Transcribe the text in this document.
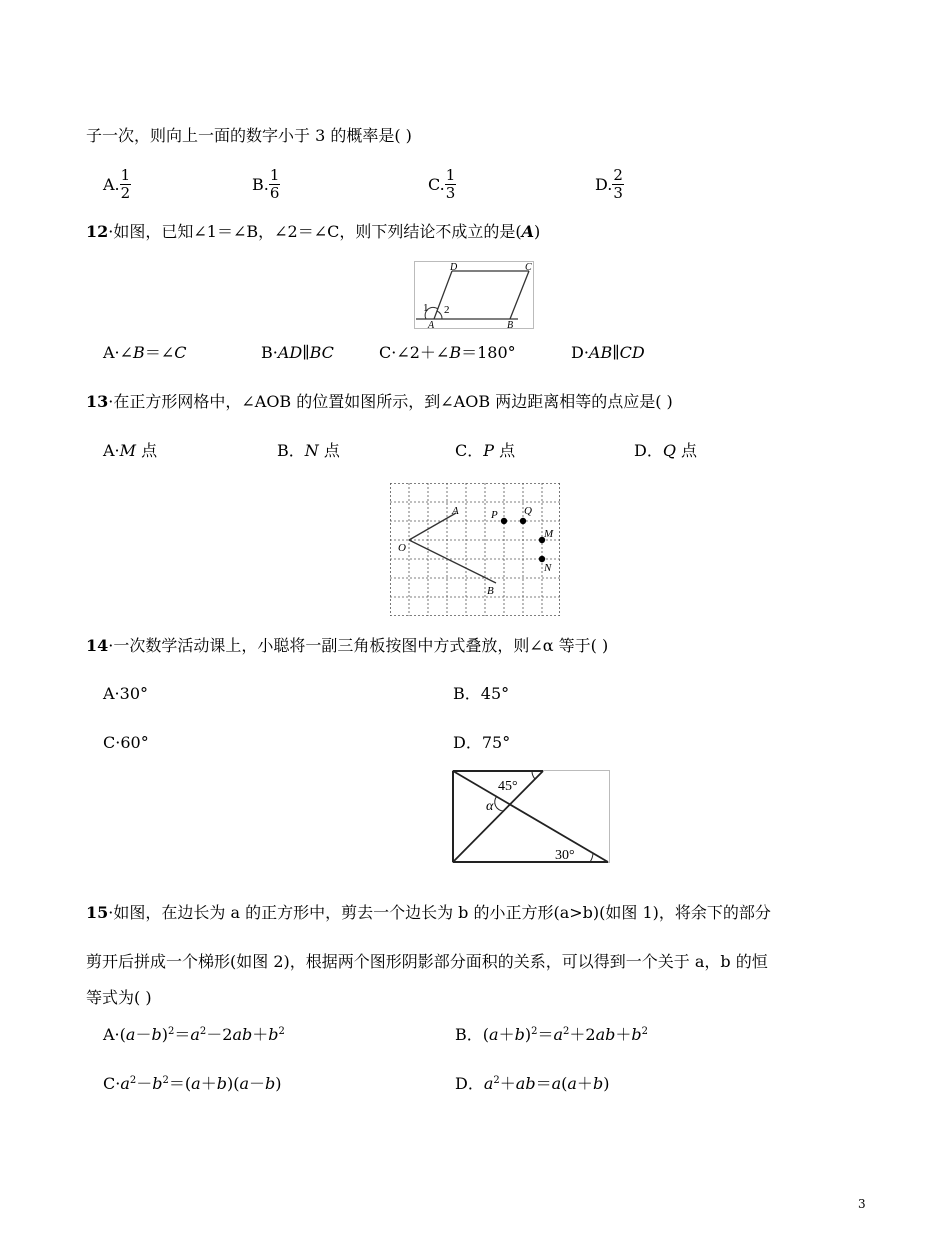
子一次，则向上一面的数字小于 3 的概率是( )
A. $\frac{1}{2}$	B. $\frac{1}{6}$	C. $\frac{1}{3}$	D. $\frac{2}{3}$
12·如图，已知∠1＝∠B，∠2＝∠C，则下列结论不成立的是(A)
D	C
A	B
1 2
A·∠B＝∠C	B·AD∥BC	C·∠2＋∠B＝180°	D·AB∥CD
13·在正方形网格中，∠AOB 的位置如图所示，到∠AOB 两边距离相等的点应是( )
A·M 点	B．N 点	C．P 点	D．Q 点
A
O
B
P Q
M
N
14·一次数学活动课上，小聪将一副三角板按图中方式叠放，则∠α 等于( )
A·30°	B．45°
C·60°	D．75°
45°
α
30°
15·如图，在边长为 a 的正方形中，剪去一个边长为 b 的小正方形(a>b)(如图 1)，将余下的部分
剪开后拼成一个梯形(如图 2)，根据两个图形阴影部分面积的关系，可以得到一个关于 a，b 的恒
等式为( )
$A\cdot(a-b)^2=a^2-2ab+b^2$	B．$(a+b)^2=a^2+2ab+b^2$
$C\cdot a^2-b^2=(a+b)(a-b)$	D．$a^2+ab=a(a+b)$
3
